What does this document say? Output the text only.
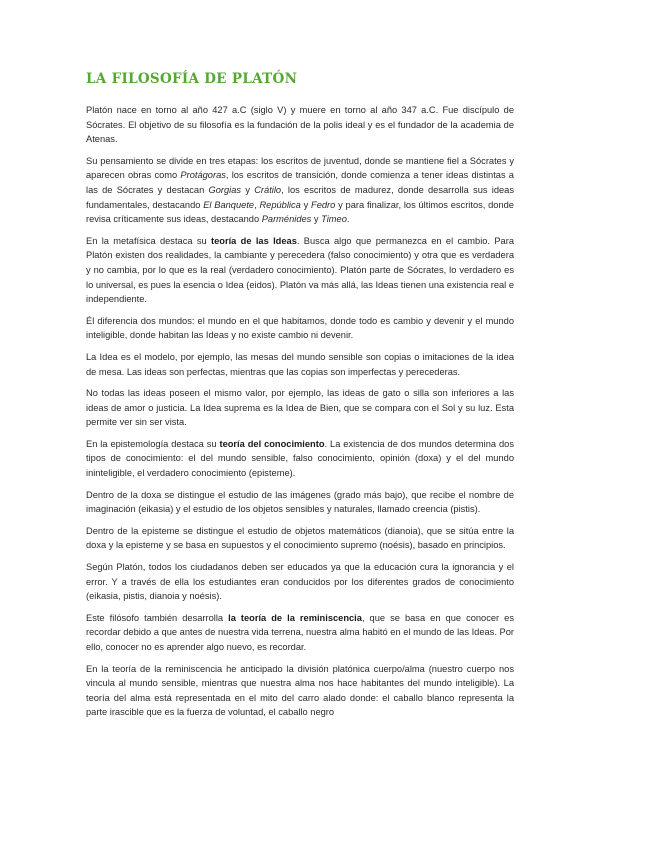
LA FILOSOFÍA DE PLATÓN

Platón nace en torno al año 427 a.C (siglo V) y muere en torno al año 347 a.C. Fue discípulo de Sócrates. El objetivo de su filosofía es la fundación de la polis ideal y es el fundador de la academia de Atenas.

Su pensamiento se divide en tres etapas: los escritos de juventud, donde se mantiene fiel a Sócrates y aparecen obras como Protágoras, los escritos de transición, donde comienza a tener ideas distintas a las de Sócrates y destacan Gorgias y Crátilo, los escritos de madurez, donde desarrolla sus ideas fundamentales, destacando El Banquete, República y Fedro y para finalizar, los últimos escritos, donde revisa críticamente sus ideas, destacando Parménides y Timeo.

En la metafísica destaca su teoría de las Ideas. Busca algo que permanezca en el cambio. Para Platón existen dos realidades, la cambiante y perecedera (falso conocimiento) y otra que es verdadera y no cambia, por lo que es la real (verdadero conocimiento). Platón parte de Sócrates, lo verdadero es lo universal, es pues la esencia o Idea (eidos). Platón va más allá, las Ideas tienen una existencia real e independiente.

Él diferencia dos mundos: el mundo en el que habitamos, donde todo es cambio y devenir y el mundo inteligible, donde habitan las Ideas y no existe cambio ni devenir.

La Idea es el modelo, por ejemplo, las mesas del mundo sensible son copias o imitaciones de la idea de mesa. Las ideas son perfectas, mientras que las copias son imperfectas y perecederas.

No todas las ideas poseen el mismo valor, por ejemplo, las ideas de gato o silla son inferiores a las ideas de amor o justicia. La Idea suprema es la Idea de Bien, que se compara con el Sol y su luz. Esta permite ver sin ser vista.

En la epistemología destaca su teoría del conocimiento. La existencia de dos mundos determina dos tipos de conocimiento: el del mundo sensible, falso conocimiento, opinión (doxa) y el del mundo ininteligible, el verdadero conocimiento (episteme).

Dentro de la doxa se distingue el estudio de las imágenes (grado más bajo), que recibe el nombre de imaginación (eikasia) y el estudio de los objetos sensibles y naturales, llamado creencia (pistis).

Dentro de la episteme se distingue el estudio de objetos matemáticos (dianoia), que se sitúa entre la doxa y la episteme y se basa en supuestos y el conocimiento supremo (noésis), basado en principios.

Según Platón, todos los ciudadanos deben ser educados ya que la educación cura la ignorancia y el error. Y a través de ella los estudiantes eran conducidos por los diferentes grados de conocimiento (eikasia, pistis, dianoia y noésis).

Este filósofo también desarrolla la teoría de la reminiscencia, que se basa en que conocer es recordar debido a que antes de nuestra vida terrena, nuestra alma habitó en el mundo de las Ideas. Por ello, conocer no es aprender algo nuevo, es recordar.

En la teoría de la reminiscencia he anticipado la división platónica cuerpo/alma (nuestro cuerpo nos vincula al mundo sensible, mientras que nuestra alma nos hace habitantes del mundo inteligible). La teoría del alma está representada en el mito del carro alado donde: el caballo blanco representa la parte irascible que es la fuerza de voluntad, el caballo negro
